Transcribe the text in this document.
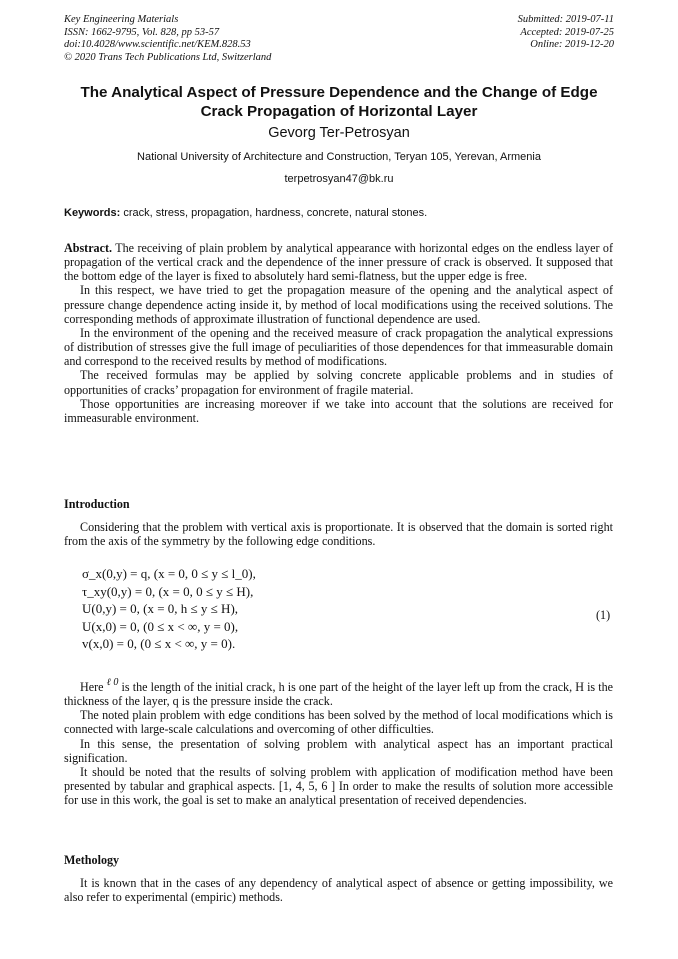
Key Engineering Materials
ISSN: 1662-9795, Vol. 828, pp 53-57
doi:10.4028/www.scientific.net/KEM.828.53
© 2020 Trans Tech Publications Ltd, Switzerland
Submitted: 2019-07-11
Accepted: 2019-07-25
Online: 2019-12-20
The Analytical Aspect of Pressure Dependence and the Change of Edge Crack Propagation of Horizontal Layer
Gevorg Ter-Petrosyan
National University of Architecture and Construction, Teryan 105, Yerevan, Armenia
terpetrosyan47@bk.ru
Keywords: crack, stress, propagation, hardness, concrete, natural stones.

Abstract. The receiving of plain problem by analytical appearance with horizontal edges on the endless layer of propagation of the vertical crack and the dependence of the inner pressure of crack is observed. It supposed that the bottom edge of the layer is fixed to absolutely hard semi-flatness, but the upper edge is free.

In this respect, we have tried to get the propagation measure of the opening and the analytical aspect of pressure change dependence acting inside it, by method of local modifications using the received solutions. The corresponding methods of approximate illustration of functional dependence are used.

In the environment of the opening and the received measure of crack propagation the analytical expressions of distribution of stresses give the full image of peculiarities of those dependences for that immeasurable domain and correspond to the received results by method of modifications.

The received formulas may be applied by solving concrete applicable problems and in studies of opportunities of cracks’ propagation for environment of fragile material.

Those opportunities are increasing moreover if we take into account that the solutions are received for immeasurable environment.

Introduction

Considering that the problem with vertical axis is proportionate. It is observed that the domain is sorted right from the axis of the symmetry by the following edge conditions.

σ_x(0,y) = q, (x = 0, 0 ≤ y ≤ l_0),
τ_xy(0,y) = 0, (x = 0, 0 ≤ y ≤ H),
U(0,y) = 0, (x = 0, h ≤ y ≤ H),
U(x,0) = 0, (0 ≤ x < ∞, y = 0),
v(x,0) = 0, (0 ≤ x < ∞, y = 0).
(1)

Here $^{\ell 0}$ is the length of the initial crack, h is one part of the height of the layer left up from the crack, H is the thickness of the layer, q is the pressure inside the crack.

The noted plain problem with edge conditions has been solved by the method of local modifications which is connected with large-scale calculations and overcoming of other difficulties.

In this sense, the presentation of solving problem with analytical aspect has an important practical signification.

It should be noted that the results of solving problem with application of modification method have been presented by tabular and graphical aspects. [1, 4, 5, 6 ] In order to make the results of solution more accessible for use in this work, the goal is set to make an analytical presentation of received dependencies.

Methology

It is known that in the cases of any dependency of analytical aspect of absence or getting impossibility, we also refer to experimental (empiric) methods.
